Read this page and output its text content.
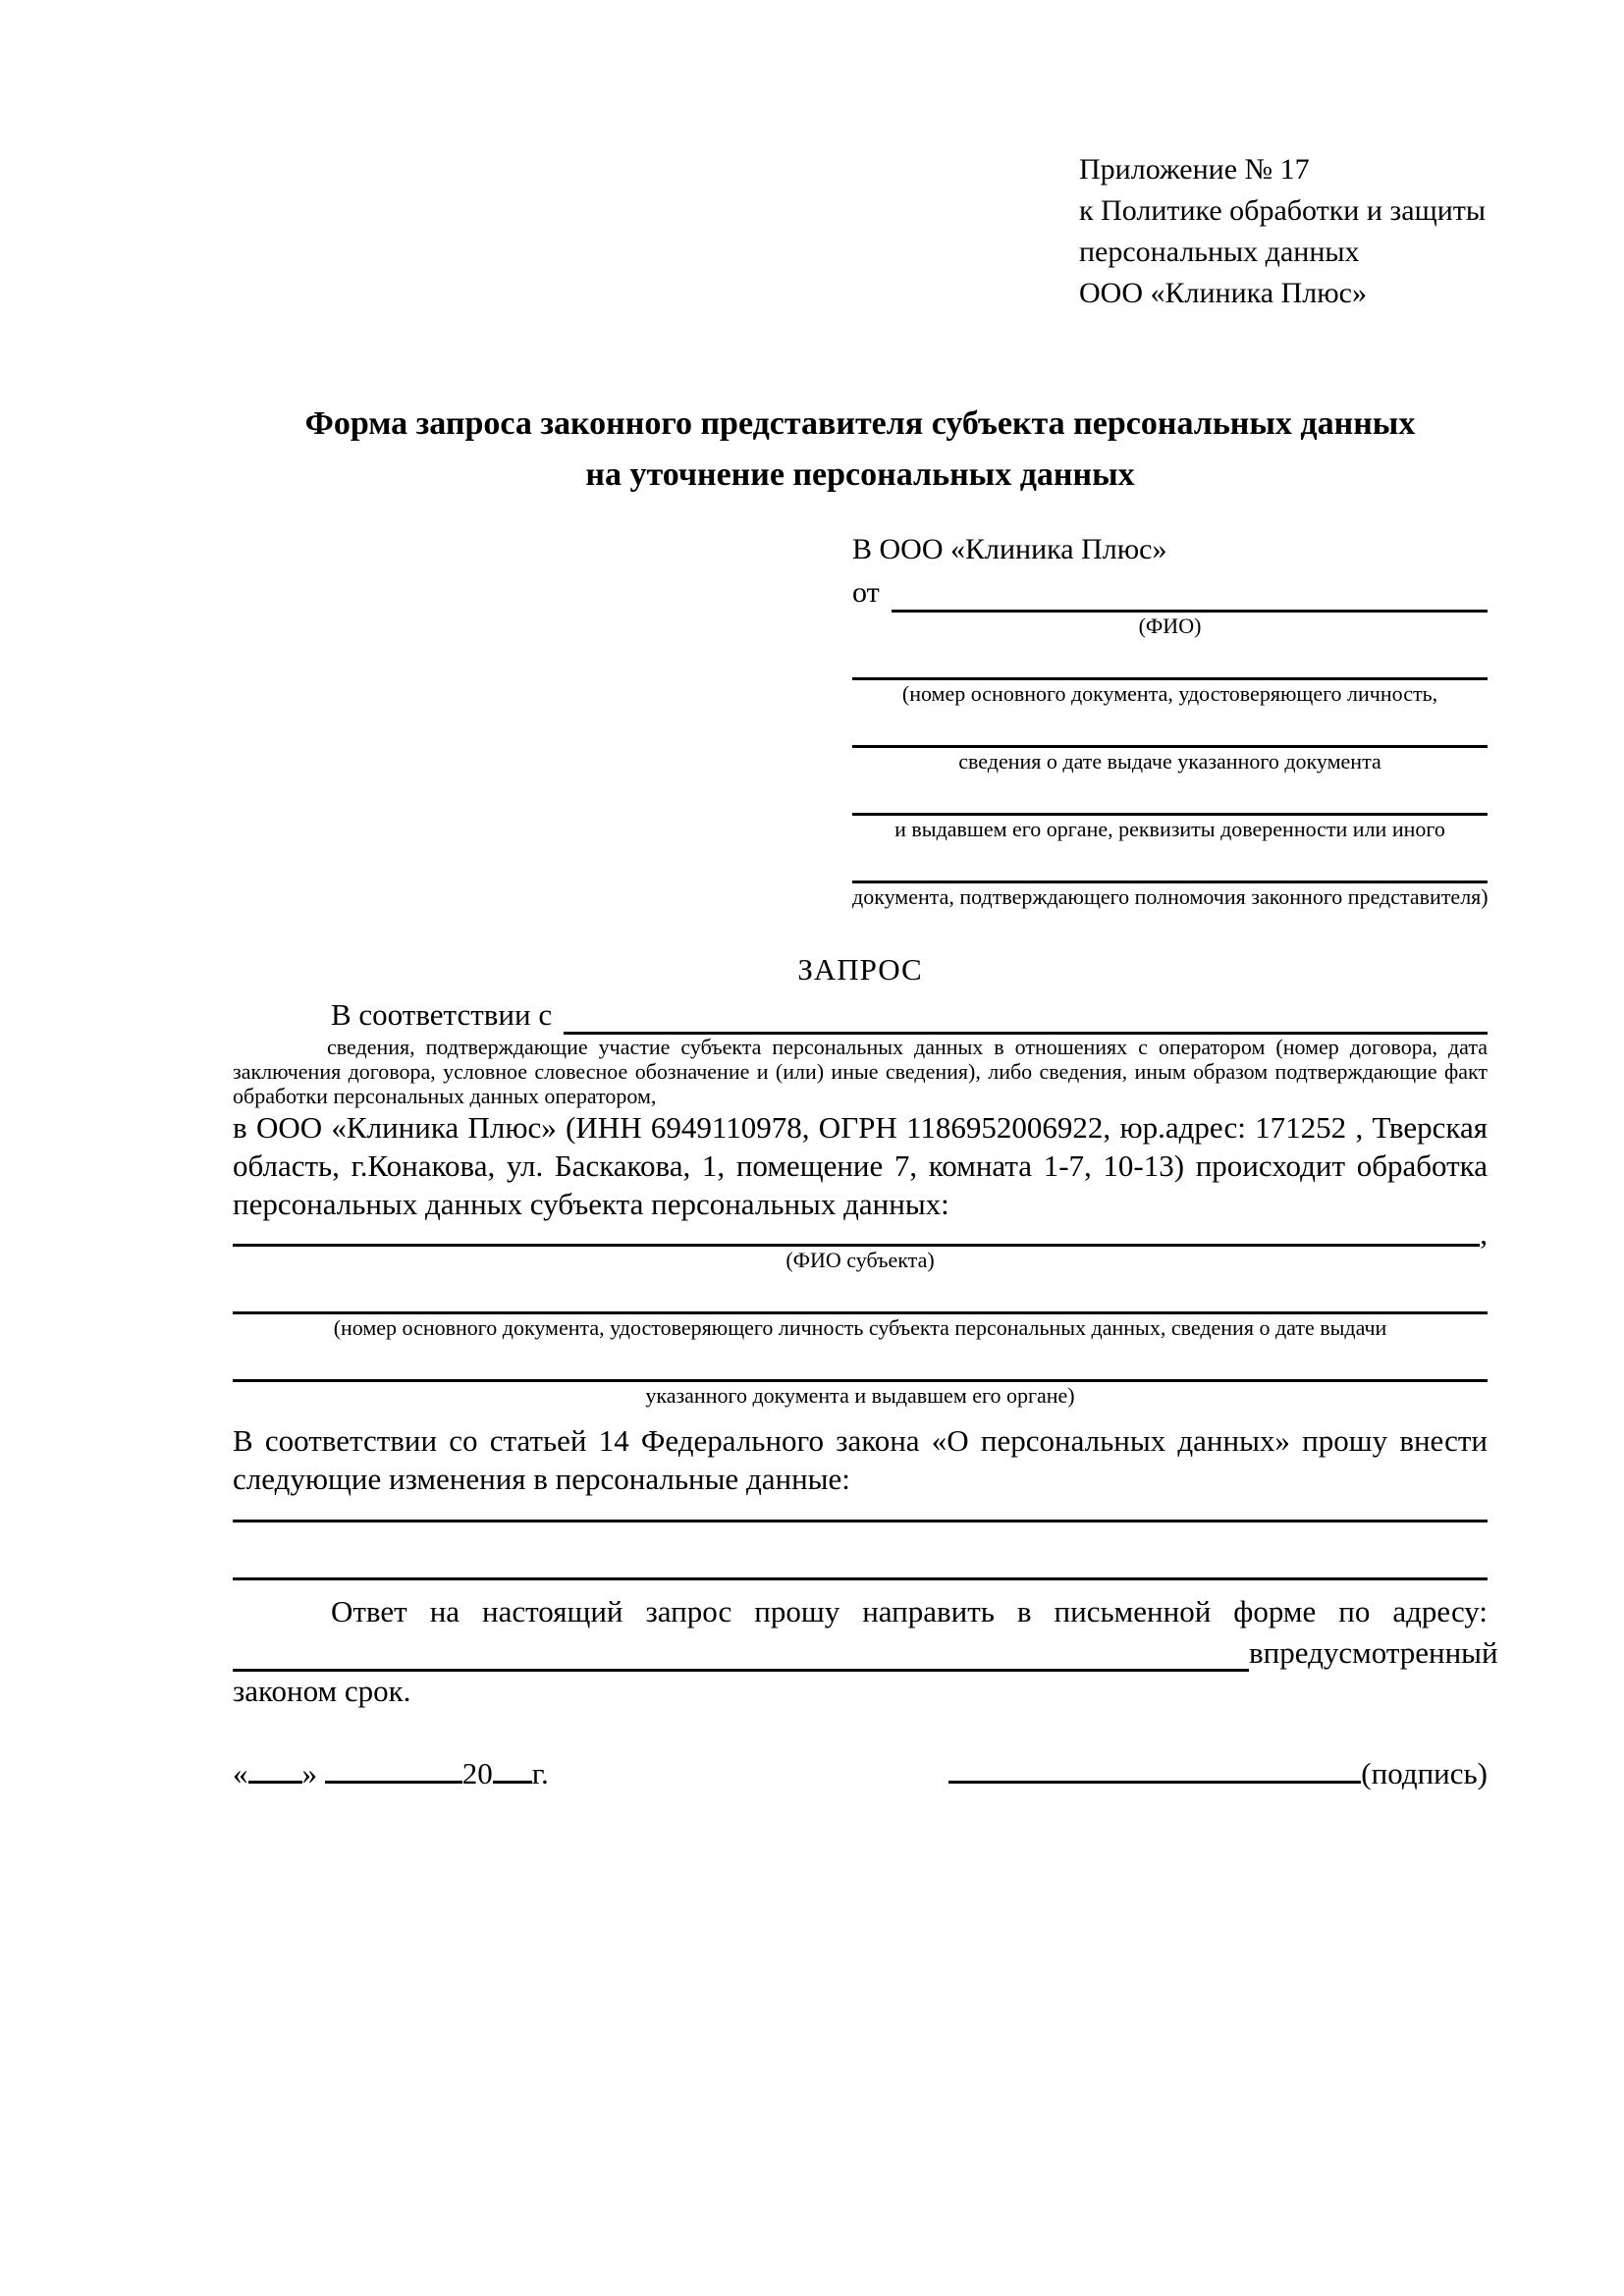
Приложение № 17
к Политике обработки и защиты
персональных данных
ООО «Клиника Плюс»
Форма запроса законного представителя субъекта персональных данных
на уточнение персональных данных
В ООО «Клиника Плюс»
от
(ФИО)
(номер основного документа, удостоверяющего личность,
сведения о дате выдаче указанного документа
и выдавшем его органе, реквизиты доверенности или иного
документа, подтверждающего полномочия законного представителя)
ЗАПРОС
В соответствии с
сведения, подтверждающие участие субъекта персональных данных в отношениях с оператором (номер договора, дата заключения договора, условное словесное обозначение и (или) иные сведения), либо сведения, иным образом подтверждающие факт обработки персональных данных оператором,
в ООО «Клиника Плюс» (ИНН 6949110978, ОГРН 1186952006922, юр.адрес: 171252 , Тверская область, г.Конакова, ул. Баскакова, 1, помещение 7, комната 1-7, 10-13) происходит обработка персональных данных субъекта персональных данных:
,
(ФИО субъекта)
(номер основного документа, удостоверяющего личность субъекта персональных данных, сведения о дате выдачи
указанного документа и выдавшем его органе)
В соответствии со статьей 14 Федерального закона «О персональных данных» прошу внести следующие изменения в персональные данные:
Ответ на настоящий запрос прошу направить в письменной форме по адресу:
в предусмотренный
законом срок.
« »	20 г.	(подпись)
